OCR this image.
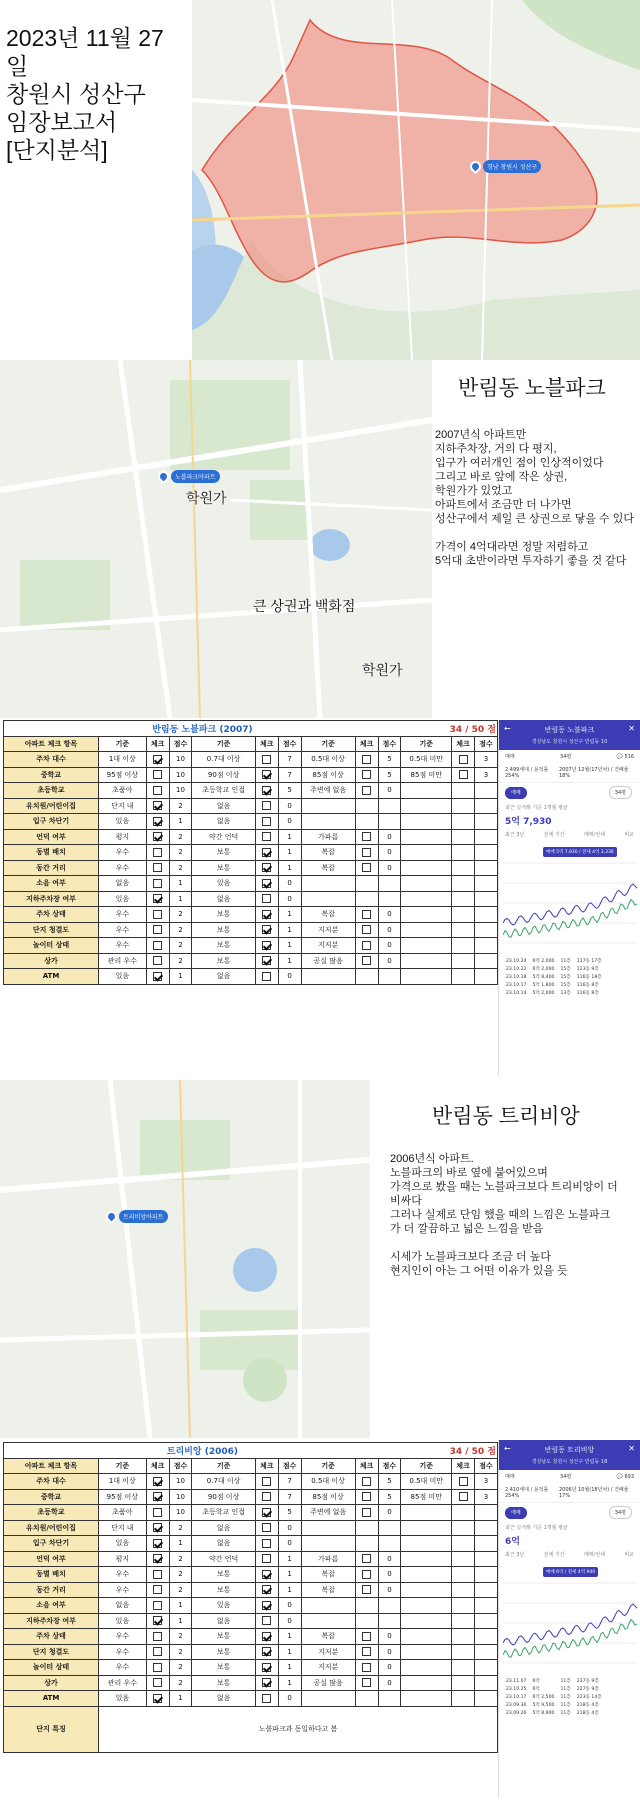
2023년 11월 27일
창원시 성산구
임장보고서
[단지분석]
경남 창원시 성산구
노블파크아파트
학원가
큰 상권과 백화점
학원가
반림동 노블파크

2007년식 아파트만

지하주차장, 거의 다 평지,

입구가 여러개인 점이 인상적이었다

그리고 바로 앞에 작은 상권,

학원가가 있었고

아파트에서 조금만 더 나가면

성산구에서 제일 큰 상권으로 닿을 수 있다

가격이 4억대라면 정말 저렴하고

5억대 초반이라면 투자하기 좋을 것 같다

반림동 노블파크 (2007)										34 / 50 점		
아파트 체크 항목	기준	체크	점수	기준	체크	점수	기준	체크	점수	기준	체크	점수
주차 대수	1대 이상		10	0.7대 이상		7	0.5대 이상		5	0.5대 미만		3
중학교	95점 이상		10	90점 이상		7	85점 이상		5	85점 미만		3
초등학교	초품아		10	초등학교 인접		5	주변에 없음		0			
유치원/어린이집	단지 내		2	없음		0						
입구 차단기	있음		1	없음		0						
언덕 여부	평지		2	약간 언덕		1	가파름		0			
동별 배치	우수		2	보통		1	복잡		0			
동간 거리	우수		2	보통		1	복잡		0			
소음 여부	없음		1	있음		0						
지하주차장 여부	있음		1	없음		0						
주차 상태	우수		2	보통		1	복잡		0			
단지 청결도	우수		2	보통		1	지저분		0			
놀이터 상태	우수		2	보통		1	지저분		0			
상가	관리 우수		2	보통		1	공실 많음		0			
ATM	있음		1	없음		0						
←	반림동 노블파크
경상남도 창원시 성산구 반림동 10
✕
매매	34평	💬 516
2,499세대 / 용적률 254%
2007년 12월(17년차) / 건폐율 18%
매매	34평
최근 실거래 기준 1개월 평균
5억 7,930
최근 3년	전체 기간	매매/전세	비교
매매 5억 7,930 / 전세 4억 3,330
23.10.24	6억 2,000	11층	117동 17층
23.10.22	6억 2,000	15층	123동 9층
23.10.18	5억 8,400	15층	116동 18층
23.10.17	5억 1,800	15층	116동 8층
23.10.14	5억 2,000	13층	116동 8층
트리비앙아파트
반림동 트리비앙

2006년식 아파트.

노블파크의 바로 옆에 붙어있으며

가격으로 봤을 때는 노블파크보다 트리비앙이 더

비싸다

그러나 실제로 단임 했을 때의 느낌은 노블파크

가 더 깔끔하고 넓은 느낌을 받음

시세가 노블파크보다 조금 더 높다

현지인이 아는 그 어떤 이유가 있을 듯

트리비앙 (2006)										34 / 50 점		
아파트 체크 항목	기준	체크	점수	기준	체크	점수	기준	체크	점수	기준	체크	점수
주차 대수	1대 이상		10	0.7대 이상		7	0.5대 이상		5	0.5대 미만		3
중학교	95점 이상		10	90점 이상		7	85점 이상		5	85점 미만		3
초등학교	초품아		10	초등학교 인접		5	주변에 없음		0			
유치원/어린이집	단지 내		2	없음		0						
입구 차단기	있음		1	없음		0						
언덕 여부	평지		2	약간 언덕		1	가파름		0			
동별 배치	우수		2	보통		1	복잡		0			
동간 거리	우수		2	보통		1	복잡		0			
소음 여부	없음		1	있음		0						
지하주차장 여부	있음		1	없음		0						
주차 상태	우수		2	보통		1	복잡		0			
단지 청결도	우수		2	보통		1	지저분		0			
놀이터 상태	우수		2	보통		1	지저분		0			
상가	관리 우수		2	보통		1	공실 많음		0			
ATM	있음		1	없음		0						
단지 특징	노블파크과 동일하다고 봄											
←	반림동 트리비앙
경상남도 창원시 성산구 반림동 18
✕
매매	34평	💬 693
2,410세대 / 용적률 254%
2006년 10월(18년차) / 건폐율 17%
매매	34평
최근 실거래 기준 1개월 평균
6억
최근 3년	전체 기간	매매/전세	비교
매매 6억 / 전세 4억 940
23.11.07	6억	11층	237동 9층
23.10.25	6억	11층	227동 9층
23.10.17	6억 2,500	11층	223동 14층
23.09.30	5억 9,500	11층	218동 4층
23.09.26	5억 8,900	11층	218동 4층
